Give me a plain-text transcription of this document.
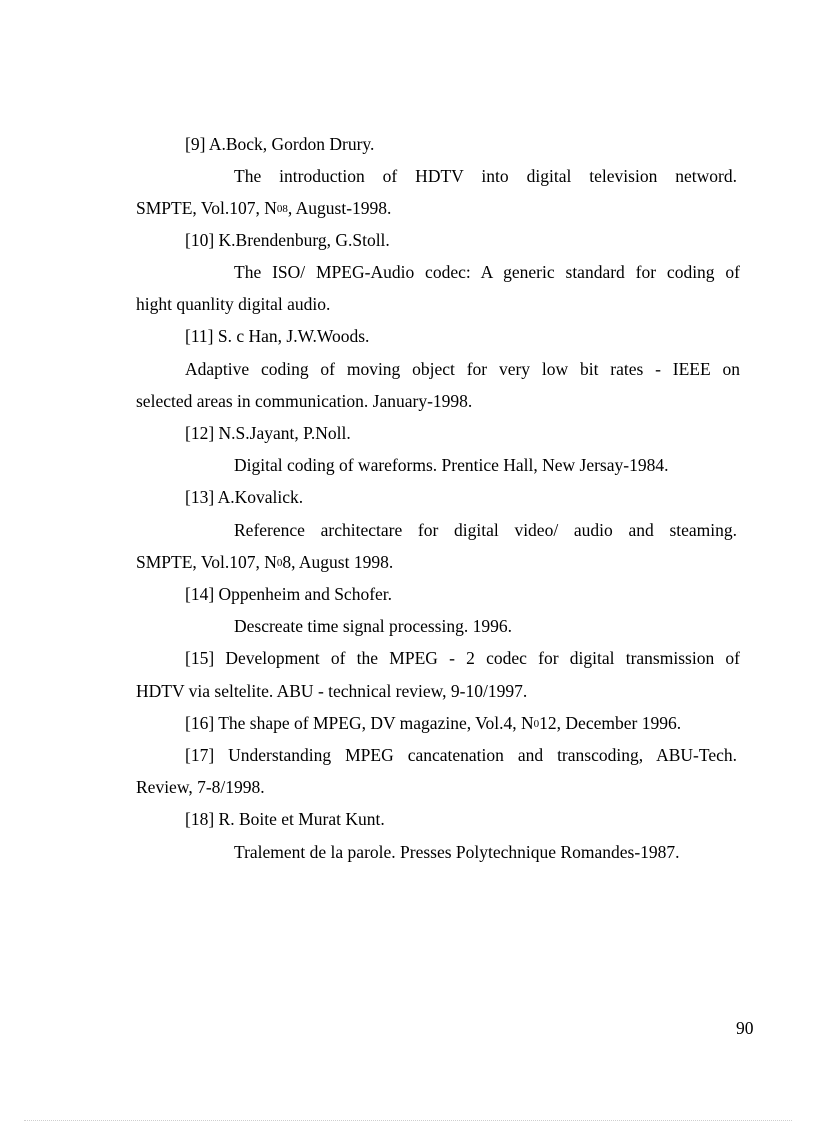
[9] A.Bock, Gordon Drury.
The introduction of HDTV into digital television netword.
SMPTE, Vol.107, $N^{08}$, August-1998.
[10] K.Brendenburg, G.Stoll.
The ISO/ MPEG-Audio codec: A generic standard for coding of
hight quanlity digital audio.
[11] S. c Han, J.W.Woods.
Adaptive coding of moving object for very low bit rates - IEEE on
selected areas in communication. January-1998.
[12] N.S.Jayant, P.Noll.
Digital coding of wareforms. Prentice Hall, New Jersay-1984.
[13] A.Kovalick.
Reference architectare for digital video/ audio and steaming.
SMPTE, Vol.107, $N^08$, August 1998.
[14] Oppenheim and Schofer.
Descreate time signal processing. 1996.
[15] Development of the MPEG - 2 codec for digital transmission of
HDTV via seltelite. ABU - technical review, 9-10/1997.
[16] The shape of MPEG, DV magazine, Vol.4, $N^012$, December 1996.
[17] Understanding MPEG cancatenation and transcoding, ABU-Tech.
Review, 7-8/1998.
[18] R. Boite et Murat Kunt.
Tralement de la parole. Presses Polytechnique Romandes-1987.
90
